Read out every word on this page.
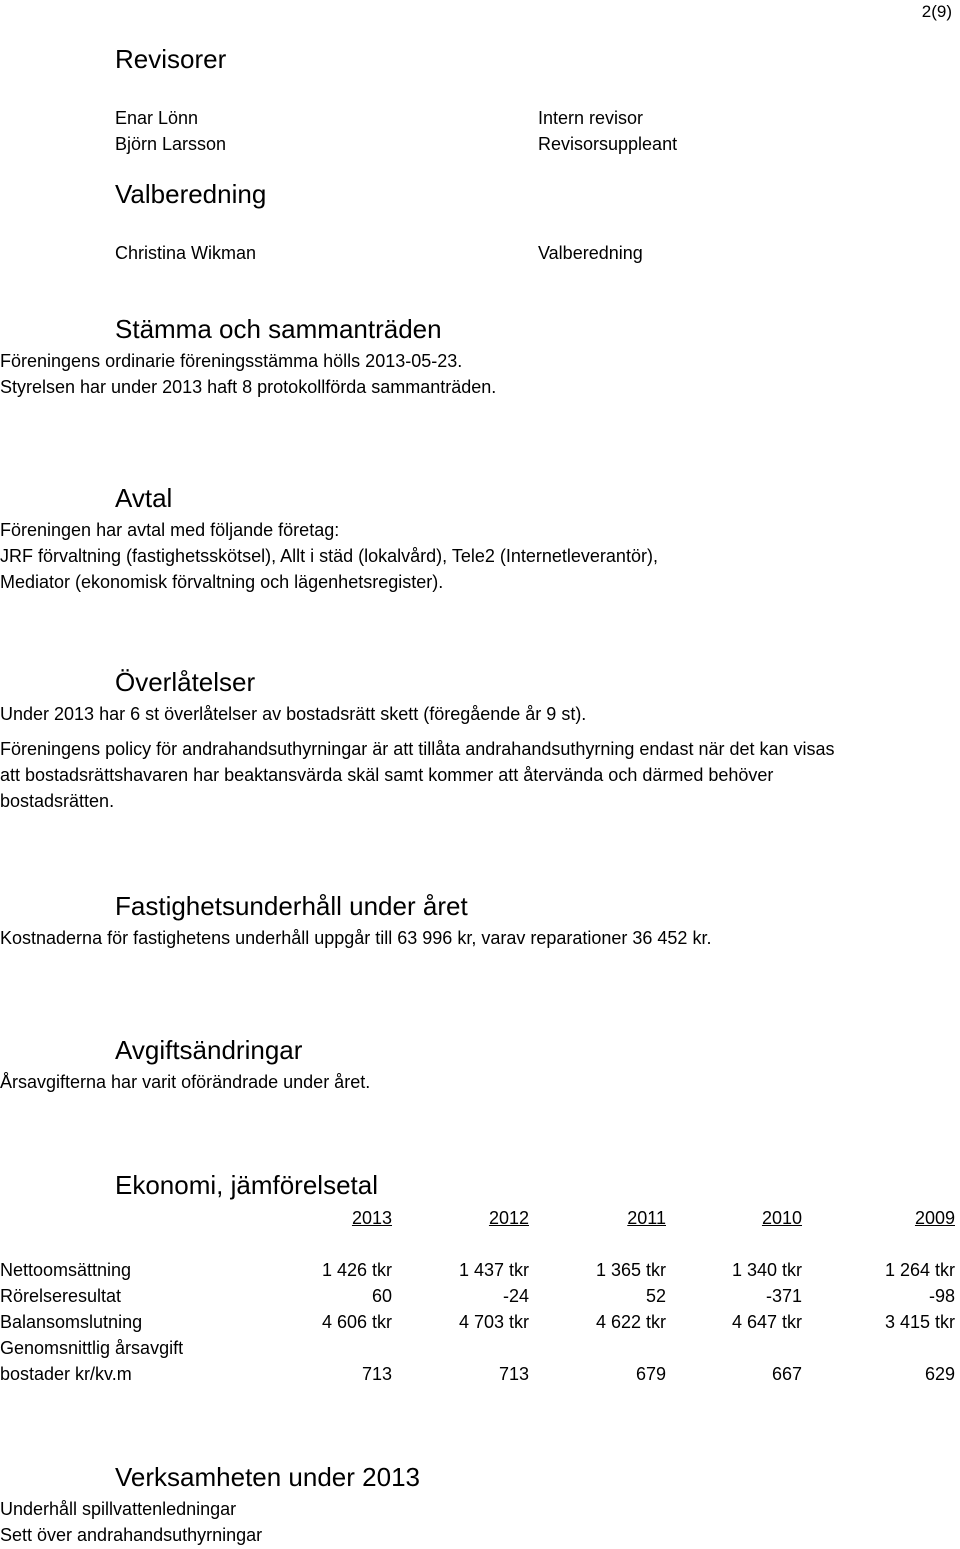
2(9)
Revisorer
Enar Lönn	Intern revisor
Björn Larsson	Revisorsuppleant
Valberedning
Christina Wikman	Valberedning
Stämma och sammanträden
Föreningens ordinarie föreningsstämma hölls 2013-05-23.
Styrelsen har under 2013 haft 8 protokollförda sammanträden.
Avtal
Föreningen har avtal med följande företag:
JRF förvaltning (fastighetsskötsel), Allt i städ (lokalvård), Tele2 (Internetleverantör),
Mediator (ekonomisk förvaltning och lägenhetsregister).
Överlåtelser
Under 2013 har 6 st överlåtelser av bostadsrätt skett (föregående år 9 st).
Föreningens policy för andrahandsuthyrningar är att tillåta andrahandsuthyrning endast när det kan visas
att bostadsrättshavaren har beaktansvärda skäl samt kommer att återvända och därmed behöver
bostadsrätten.
Fastighetsunderhåll under året
Kostnaderna för fastighetens underhåll uppgår till 63 996 kr, varav reparationer 36 452 kr.
Avgiftsändringar
Årsavgifterna har varit oförändrade under året.
Ekonomi, jämförelsetal
2013	2012	2011	2010	2009
Nettoomsättning	1 426 tkr	1 437 tkr	1 365 tkr	1 340 tkr	1 264 tkr
Rörelseresultat	60	-24	52	-371	-98
Balansomslutning	4 606 tkr	4 703 tkr	4 622 tkr	4 647 tkr	3 415 tkr
Genomsnittlig årsavgift
bostader kr/kv.m	713	713	679	667	629
Verksamheten under 2013
Underhåll spillvattenledningar
Sett över andrahandsuthyrningar
